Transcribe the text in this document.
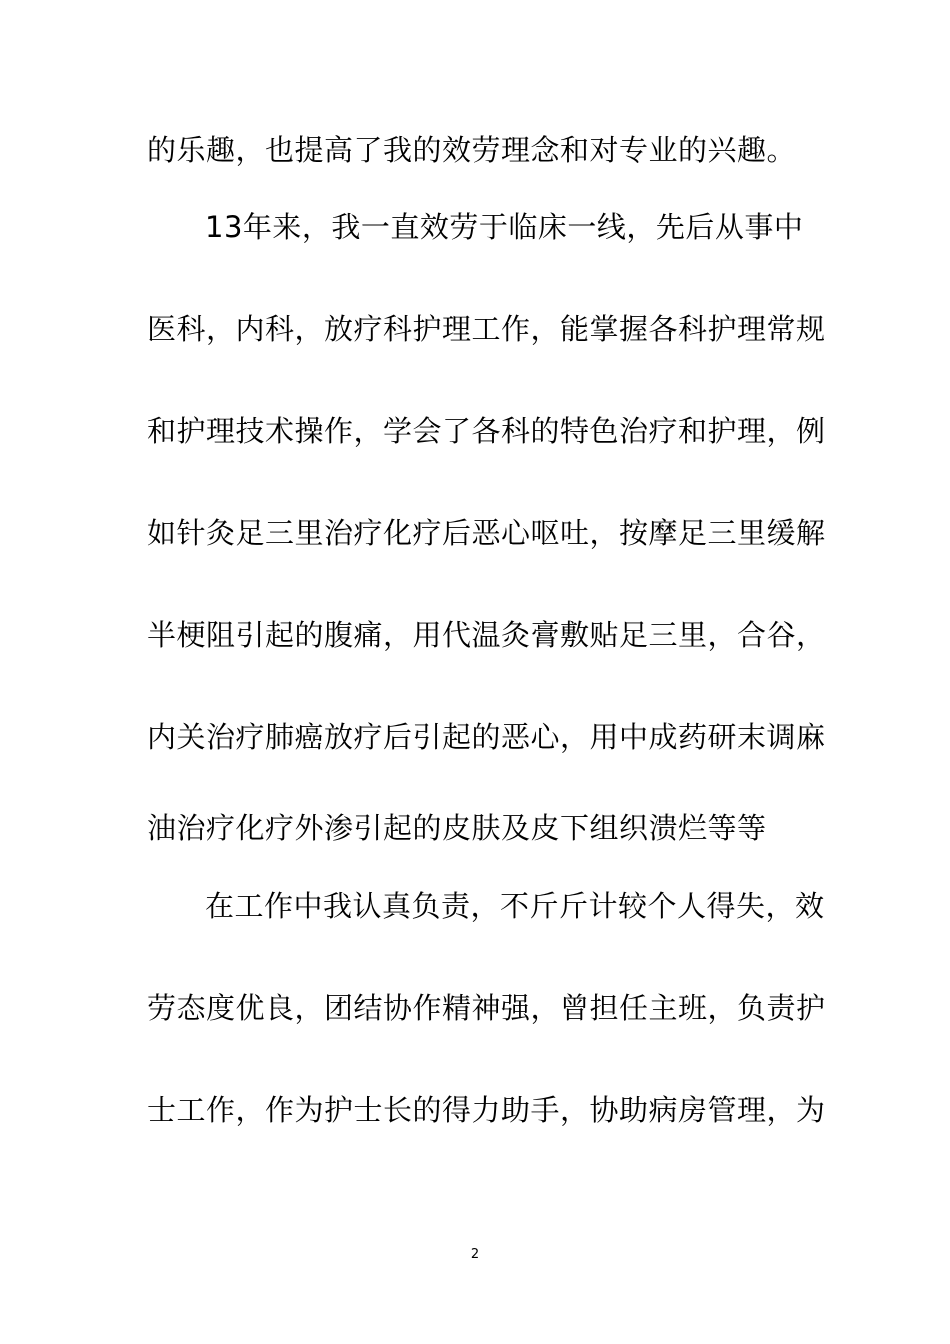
的乐趣，也提高了我的效劳理念和对专业的兴趣。
13年来，我一直效劳于临床一线，先后从事中
医科，内科，放疗科护理工作，能掌握各科护理常规
和护理技术操作，学会了各科的特色治疗和护理，例
如针灸足三里治疗化疗后恶心呕吐，按摩足三里缓解
半梗阻引起的腹痛，用代温灸膏敷贴足三里，合谷，
内关治疗肺癌放疗后引起的恶心，用中成药研末调麻
油治疗化疗外渗引起的皮肤及皮下组织溃烂等等
在工作中我认真负责，不斤斤计较个人得失，效
劳态度优良，团结协作精神强，曾担任主班，负责护
士工作，作为护士长的得力助手，协助病房管理，为
2
